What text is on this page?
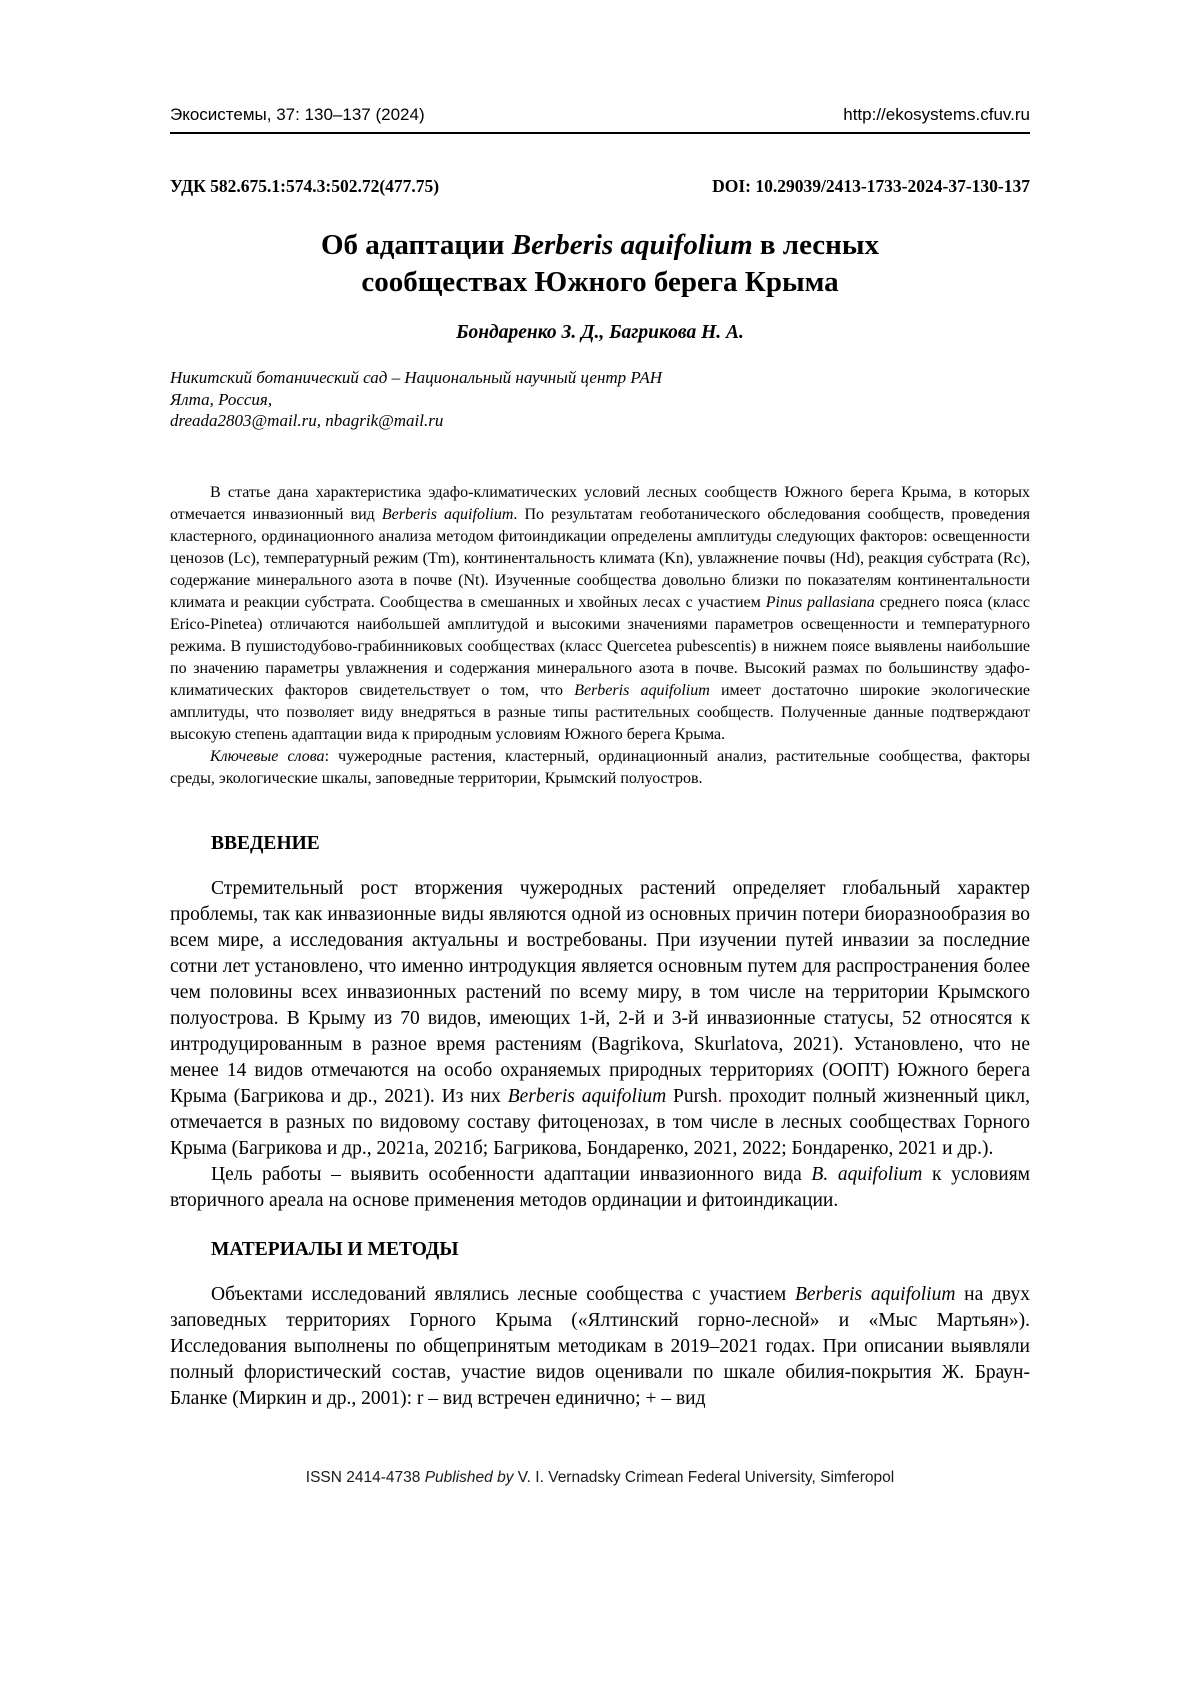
Экосистемы, 37: 130–137 (2024)	http://ekosystems.cfuv.ru
УДК 582.675.1:574.3:502.72(477.75)	DOI: 10.29039/2413-1733-2024-37-130-137
Об адаптации Berberis aquifolium в лесных
сообществах Южного берега Крыма
Бондаренко З. Д., Багрикова Н. А.
Никитский ботанический сад – Национальный научный центр РАН
Ялта, Россия,
dreada2803@mail.ru, nbagrik@mail.ru

В статье дана характеристика эдафо-климатических условий лесных сообществ Южного берега Крыма, в которых отмечается инвазионный вид Berberis aquifolium. По результатам геоботанического обследования сообществ, проведения кластерного, ординационного анализа методом фитоиндикации определены амплитуды следующих факторов: освещенности ценозов (Lc), температурный режим (Tm), континентальность климата (Kn), увлажнение почвы (Hd), реакция субстрата (Rc), содержание минерального азота в почве (Nt). Изученные сообщества довольно близки по показателям континентальности климата и реакции субстрата. Сообщества в смешанных и хвойных лесах с участием Pinus pallasiana среднего пояса (класс Erico-Pinetea) отличаются наибольшей амплитудой и высокими значениями параметров освещенности и температурного режима. В пушистодубово-грабинниковых сообществах (класс Quercetea pubescentis) в нижнем поясе выявлены наибольшие по значению параметры увлажнения и содержания минерального азота в почве. Высокий размах по большинству эдафо-климатических факторов свидетельствует о том, что Berberis aquifolium имеет достаточно широкие экологические амплитуды, что позволяет виду внедряться в разные типы растительных сообществ. Полученные данные подтверждают высокую степень адаптации вида к природным условиям Южного берега Крыма.

Ключевые слова: чужеродные растения, кластерный, ординационный анализ, растительные сообщества, факторы среды, экологические шкалы, заповедные территории, Крымский полуостров.

ВВЕДЕНИЕ

Стремительный рост вторжения чужеродных растений определяет глобальный характер проблемы, так как инвазионные виды являются одной из основных причин потери биоразнообразия во всем мире, а исследования актуальны и востребованы. При изучении путей инвазии за последние сотни лет установлено, что именно интродукция является основным путем для распространения более чем половины всех инвазионных растений по всему миру, в том числе на территории Крымского полуострова. В Крыму из 70 видов, имеющих 1-й, 2-й и 3-й инвазионные статусы, 52 относятся к интродуцированным в разное время растениям (Bagrikova, Skurlatova, 2021). Установлено, что не менее 14 видов отмечаются на особо охраняемых природных территориях (ООПТ) Южного берега Крыма (Багрикова и др., 2021). Из них Berberis aquifolium Pursh. проходит полный жизненный цикл, отмечается в разных по видовому составу фитоценозах, в том числе в лесных сообществах Горного Крыма (Багрикова и др., 2021а, 2021б; Багрикова, Бондаренко, 2021, 2022; Бондаренко, 2021 и др.).

Цель работы – выявить особенности адаптации инвазионного вида B. aquifolium к условиям вторичного ареала на основе применения методов ординации и фитоиндикации.

МАТЕРИАЛЫ И МЕТОДЫ

Объектами исследований являлись лесные сообщества с участием Berberis aquifolium на двух заповедных территориях Горного Крыма («Ялтинский горно-лесной» и «Мыс Мартьян»). Исследования выполнены по общепринятым методикам в 2019–2021 годах. При описании выявляли полный флористический состав, участие видов оценивали по шкале обилия-покрытия Ж. Браун-Бланке (Миркин и др., 2001): r – вид встречен единично; + – вид

ISSN 2414-4738 Published by V. I. Vernadsky Crimean Federal University, Simferopol
